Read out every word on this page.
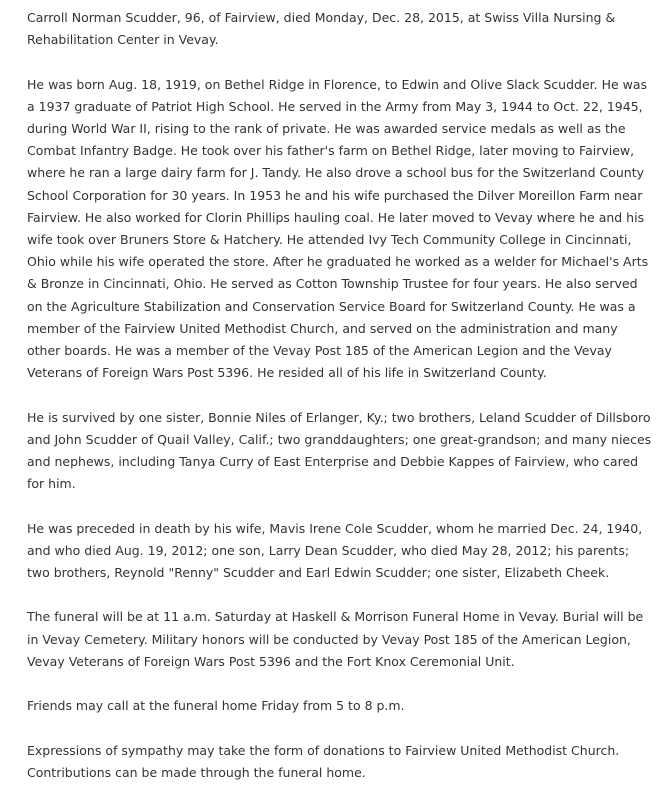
Carroll Norman Scudder, 96, of Fairview, died Monday, Dec. 28, 2015, at Swiss Villa Nursing & Rehabilitation Center in Vevay.

He was born Aug. 18, 1919, on Bethel Ridge in Florence, to Edwin and Olive Slack Scudder. He was a 1937 graduate of Patriot High School. He served in the Army from May 3, 1944 to Oct. 22, 1945, during World War II, rising to the rank of private. He was awarded service medals as well as the Combat Infantry Badge. He took over his father's farm on Bethel Ridge, later moving to Fairview, where he ran a large dairy farm for J. Tandy. He also drove a school bus for the Switzerland County School Corporation for 30 years. In 1953 he and his wife purchased the Dilver Moreillon Farm near Fairview. He also worked for Clorin Phillips hauling coal. He later moved to Vevay where he and his wife took over Bruners Store & Hatchery. He attended Ivy Tech Community College in Cincinnati, Ohio while his wife operated the store. After he graduated he worked as a welder for Michael's Arts & Bronze in Cincinnati, Ohio. He served as Cotton Township Trustee for four years. He also served on the Agriculture Stabilization and Conservation Service Board for Switzerland County. He was a member of the Fairview United Methodist Church, and served on the administration and many other boards. He was a member of the Vevay Post 185 of the American Legion and the Vevay Veterans of Foreign Wars Post 5396. He resided all of his life in Switzerland County.

He is survived by one sister, Bonnie Niles of Erlanger, Ky.; two brothers, Leland Scudder of Dillsboro and John Scudder of Quail Valley, Calif.; two granddaughters; one great-grandson; and many nieces and nephews, including Tanya Curry of East Enterprise and Debbie Kappes of Fairview, who cared for him.

He was preceded in death by his wife, Mavis Irene Cole Scudder, whom he married Dec. 24, 1940, and who died Aug. 19, 2012; one son, Larry Dean Scudder, who died May 28, 2012; his parents; two brothers, Reynold "Renny" Scudder and Earl Edwin Scudder; one sister, Elizabeth Cheek.

The funeral will be at 11 a.m. Saturday at Haskell & Morrison Funeral Home in Vevay. Burial will be in Vevay Cemetery. Military honors will be conducted by Vevay Post 185 of the American Legion, Vevay Veterans of Foreign Wars Post 5396 and the Fort Knox Ceremonial Unit.

Friends may call at the funeral home Friday from 5 to 8 p.m.

Expressions of sympathy may take the form of donations to Fairview United Methodist Church. Contributions can be made through the funeral home.
